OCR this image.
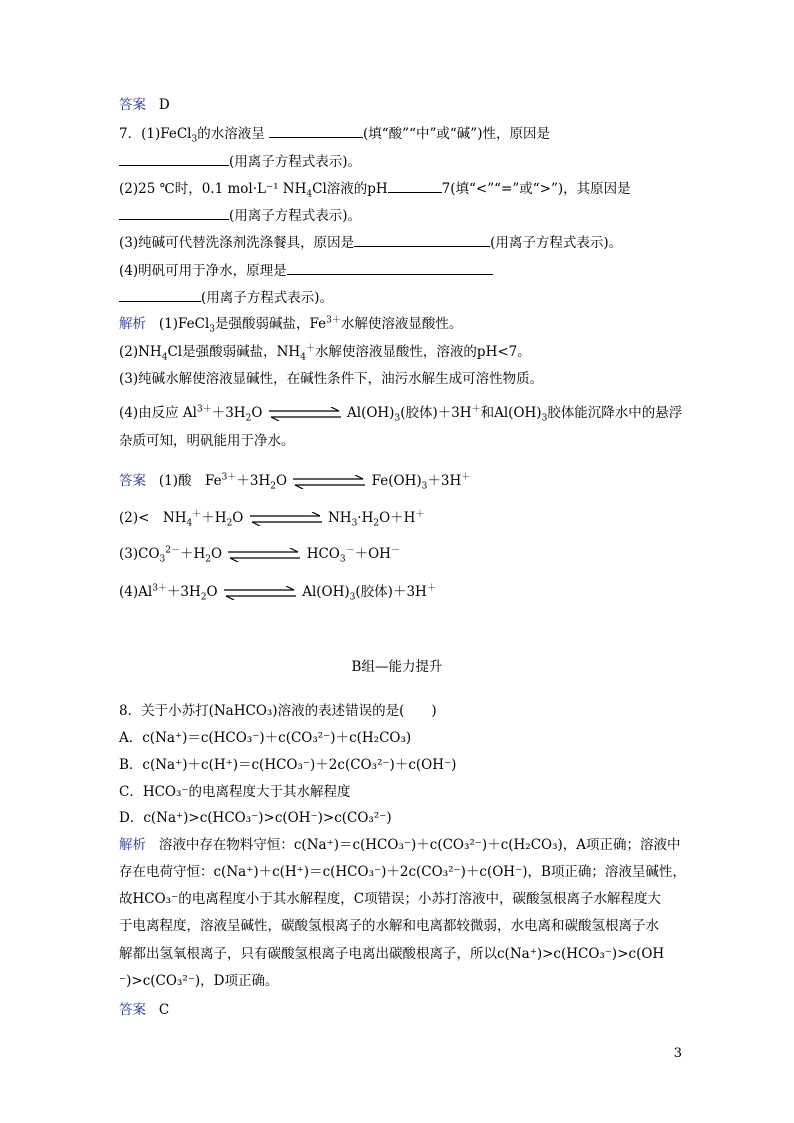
答案 D
7．(1)FeCl$_3$的水溶液呈	(填“酸”“中”或“碱”)性，原因是
(用离子方程式表示)。
(2)25 ℃时，0.1 mol·L⁻¹ $NH_4Cl$溶液的pH	7(填“<”“=”或“>”)，其原因是
(用离子方程式表示)。
(3)纯碱可代替洗涤剂洗涤餐具，原因是	(用离子方程式表示)。
(4)明矾可用于净水，原理是
(用离子方程式表示)。
解析 (1)FeCl$_3$是强酸弱碱盐，$Fe^{3+}$水解使溶液显酸性。
$(2)NH_4Cl$是强酸弱碱盐，$NH_4^+$水解使溶液显酸性，溶液的pH<7。
(3)纯碱水解使溶液显碱性，在碱性条件下，油污水解生成可溶性物质。
(4)由反应 $Al^{3+}+3H_2O$	$Al(OH)_3$(胶体)＋3H＋和$Al(OH)_3$胶体能沉降水中的悬浮
杂质可知，明矾能用于净水。
答案 (1)酸　$Fe^{3+}+3H_2O$	$Fe(OH)_3+3H^+$
(2)<　$NH_4^++H_2O$	$NH_3\cdot H_2O+H^+$
$(3)CO_3^{2-}+H_2O$	$HCO_3^-+OH^-$
$(4)Al^{3+}+3H_2O$	$Al(OH)_3$(胶体)＋3H＋
B组—能力提升
8．关于小苏打(NaHCO₃)溶液的表述错误的是(　　)
A．c(Na⁺)＝c(HCO₃⁻)＋c(CO₃²⁻)＋c(H₂CO₃)
B．c(Na⁺)＋c(H⁺)＝c(HCO₃⁻)＋2c(CO₃²⁻)＋c(OH⁻)
C．HCO₃⁻的电离程度大于其水解程度
D．c(Na⁺)>c(HCO₃⁻)>c(OH⁻)>c(CO₃²⁻)
解析 溶液中存在物料守恒：c(Na⁺)＝c(HCO₃⁻)＋c(CO₃²⁻)＋c(H₂CO₃)，A项正确；溶液中
存在电荷守恒：c(Na⁺)＋c(H⁺)＝c(HCO₃⁻)＋2c(CO₃²⁻)＋c(OH⁻)，B项正确；溶液呈碱性，
故HCO₃⁻的电离程度小于其水解程度，C项错误；小苏打溶液中，碳酸氢根离子水解程度大
于电离程度，溶液呈碱性，碳酸氢根离子的水解和电离都较微弱，水电离和碳酸氢根离子水
解都出氢氧根离子，只有碳酸氢根离子电离出碳酸根离子，所以c(Na⁺)>c(HCO₃⁻)>c(OH
⁻)>c(CO₃²⁻)，D项正确。
答案 C
3
